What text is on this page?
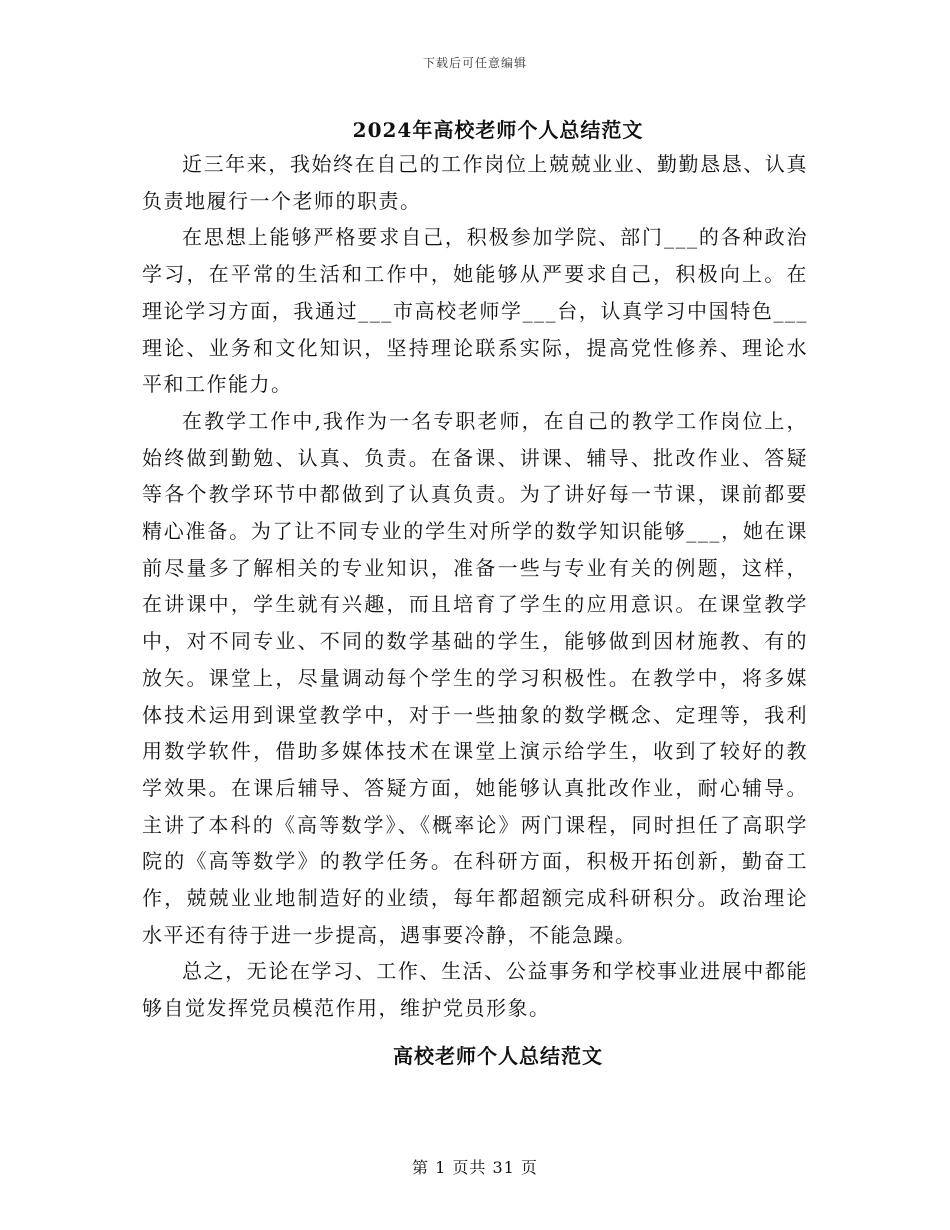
下载后可任意编辑
2024年高校老师个人总结范文

近三年来，我始终在自己的工作岗位上兢兢业业、勤勤恳恳、认真负责地履行一个老师的职责。

在思想上能够严格要求自己，积极参加学院、部门___的各种政治学习，在平常的生活和工作中，她能够从严要求自己，积极向上。在理论学习方面，我通过___市高校老师学___台，认真学习中国特色___理论、业务和文化知识，坚持理论联系实际，提高党性修养、理论水平和工作能力。

在教学工作中,我作为一名专职老师，在自己的教学工作岗位上，始终做到勤勉、认真、负责。在备课、讲课、辅导、批改作业、答疑等各个教学环节中都做到了认真负责。为了讲好每一节课，课前都要精心准备。为了让不同专业的学生对所学的数学知识能够___，她在课前尽量多了解相关的专业知识，准备一些与专业有关的例题，这样，在讲课中，学生就有兴趣，而且培育了学生的应用意识。在课堂教学中，对不同专业、不同的数学基础的学生，能够做到因材施教、有的放矢。课堂上，尽量调动每个学生的学习积极性。在教学中，将多媒体技术运用到课堂教学中，对于一些抽象的数学概念、定理等，我利用数学软件，借助多媒体技术在课堂上演示给学生，收到了较好的教学效果。在课后辅导、答疑方面，她能够认真批改作业，耐心辅导。主讲了本科的《高等数学》、《概率论》两门课程，同时担任了高职学院的《高等数学》的教学任务。在科研方面，积极开拓创新，勤奋工作，兢兢业业地制造好的业绩，每年都超额完成科研积分。政治理论水平还有待于进一步提高，遇事要冷静，不能急躁。

总之，无论在学习、工作、生活、公益事务和学校事业进展中都能够自觉发挥党员模范作用，维护党员形象。

高校老师个人总结范文
第 1 页共 31 页
